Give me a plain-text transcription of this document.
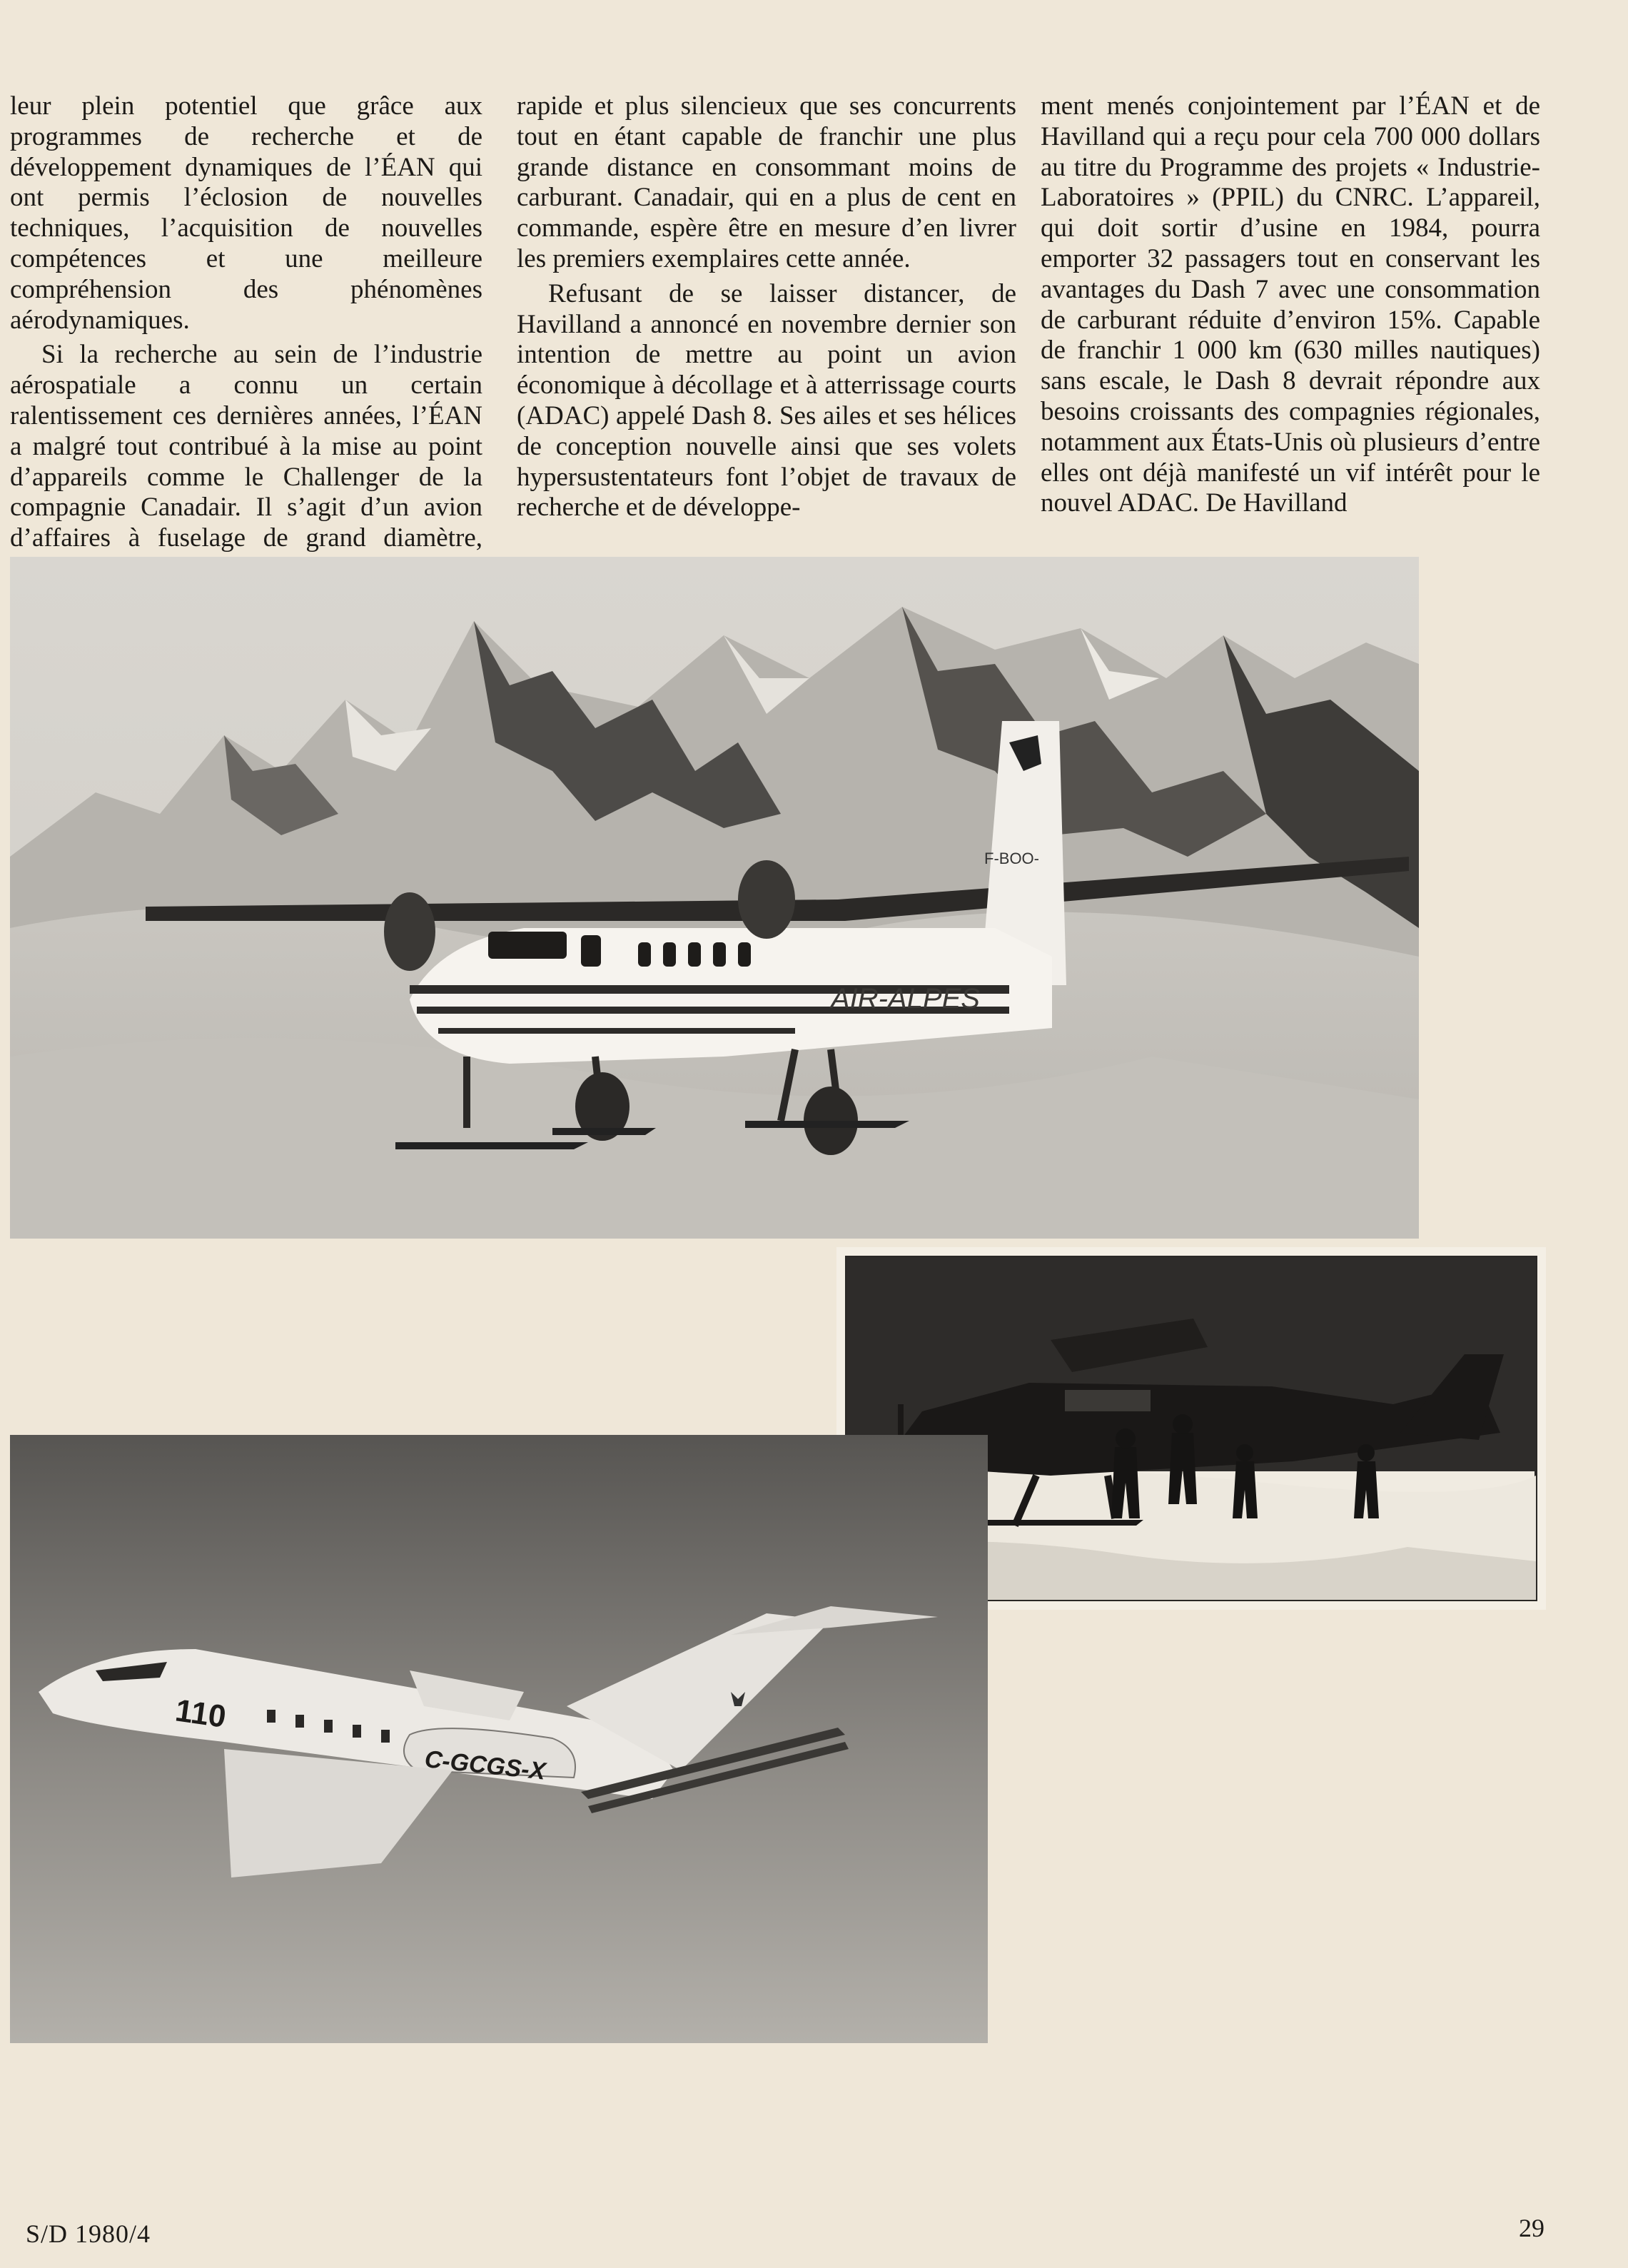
leur plein potentiel que grâce aux programmes de recherche et de développement dynamiques de l’ÉAN qui ont permis l’éclosion de nouvelles techniques, l’acquisition de nouvelles compétences et une meilleure compréhension des phénomènes aérodynamiques.

Si la recherche au sein de l’industrie aérospatiale a connu un certain ralentissement ces dernières années, l’ÉAN a malgré tout contribué à la mise au point d’appareils comme le Challenger de la compagnie Canadair. Il s’agit d’un avion d’affaires à fuselage de grand diamètre,

rapide et plus silencieux que ses concurrents tout en étant capable de franchir une plus grande distance en consommant moins de carburant. Canadair, qui en a plus de cent en commande, espère être en mesure d’en livrer les premiers exemplaires cette année.

Refusant de se laisser distancer, de Havilland a annoncé en novembre dernier son intention de mettre au point un avion économique à décollage et à atterrissage courts (ADAC) appelé Dash 8. Ses ailes et ses hélices de conception nouvelle ainsi que ses volets hypersustentateurs font l’objet de travaux de recherche et de développe-

ment menés conjointement par l’ÉAN et de Havilland qui a reçu pour cela 700 000 dollars au titre du Programme des projets « Industrie-Laboratoires » (PPIL) du CNRC. L’appareil, qui doit sortir d’usine en 1984, pourra emporter 32 passagers tout en conservant les avantages du Dash 7 avec une consommation de carburant réduite d’environ 15%. Capable de franchir 1 000 km (630 milles nautiques) sans escale, le Dash 8 devrait répondre aux besoins croissants des compagnies régionales, notamment aux États-Unis où plusieurs d’entre elles ont déjà manifesté un vif intérêt pour le nouvel ADAC. De Havilland

F-BOO-
AIR-ALPES
110
C-GCGS-X
S/D 1980/4	29
